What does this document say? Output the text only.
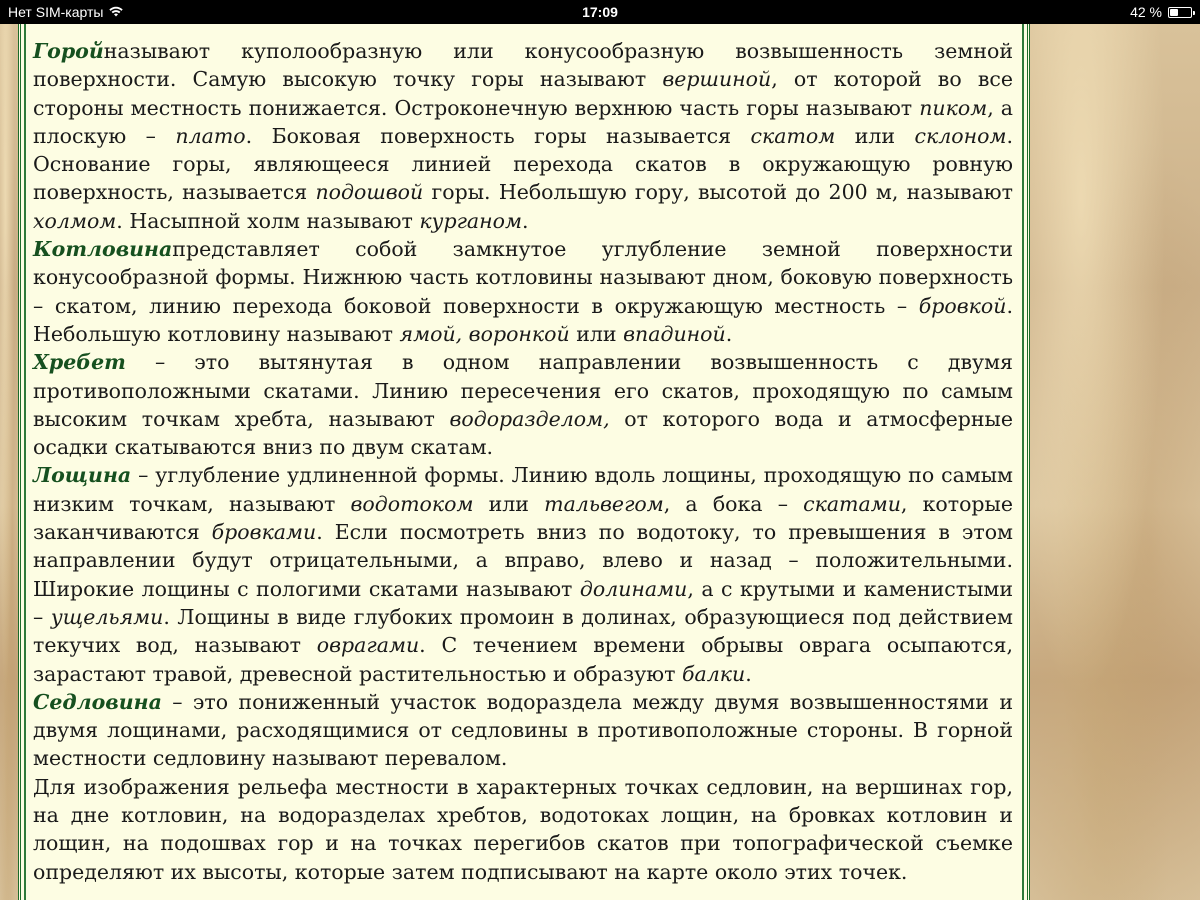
Нет SIM-карты	17:09	42 %

Горойназывают куполообразную или конусообразную возвышенность земной поверхности. Самую высокую точку горы называют вершиной, от которой во все стороны местность понижается. Остроконечную верхнюю часть горы называют пиком, а плоскую – плато. Боковая поверхность горы называется скатом или склоном. Основание горы, являющееся линией перехода скатов в окружающую ровную поверхность, называется подошвой горы. Небольшую гору, высотой до 200 м, называют холмом. Насыпной холм называют курганом.

Котловинапредставляет собой замкнутое углубление земной поверхности конусообразной формы. Нижнюю часть котловины называют дном, боковую поверхность – скатом, линию перехода боковой поверхности в окружающую местность – бровкой. Небольшую котловину называют ямой, воронкой или впадиной.

Хребет – это вытянутая в одном направлении возвышенность с двумя противоположными скатами. Линию пересечения его скатов, проходящую по самым высоким точкам хребта, называют водоразделом, от которого вода и атмосферные осадки скатываются вниз по двум скатам.

Лощина – углубление удлиненной формы. Линию вдоль лощины, проходящую по самым низким точкам, называют водотоком или тальвегом, а бока – скатами, которые заканчиваются бровками. Если посмотреть вниз по водотоку, то превышения в этом направлении будут отрицательными, а вправо, влево и назад – положительными. Широкие лощины с пологими скатами называют долинами, а с крутыми и каменистыми – ущельями. Лощины в виде глубоких промоин в долинах, образующиеся под действием текучих вод, называют оврагами. С течением времени обрывы оврага осыпаются, зарастают травой, древесной растительностью и образуют балки.

Седловина – это пониженный участок водораздела между двумя возвышенностями и двумя лощинами, расходящимися от седловины в противоположные стороны. В горной местности седловину называют перевалом.

Для изображения рельефа местности в характерных точках седловин, на вершинах гор, на дне котловин, на водоразделах хребтов, водотоках лощин, на бровках котловин и лощин, на подошвах гор и на точках перегибов скатов при топографической съемке определяют их высоты, которые затем подписывают на карте около этих точек.
